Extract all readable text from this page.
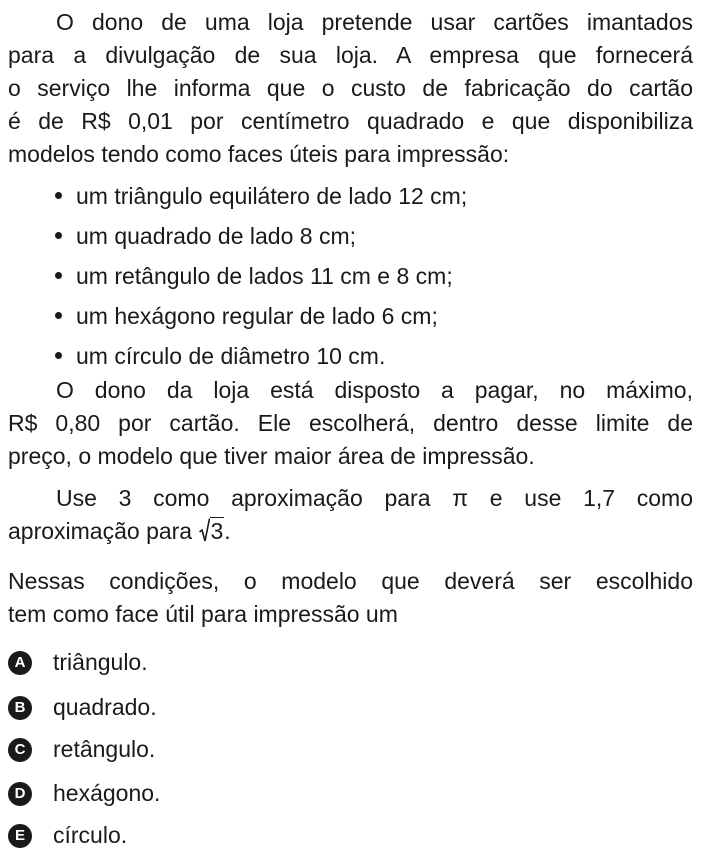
O dono de uma loja pretende usar cartões imantados
para a divulgação de sua loja. A empresa que fornecerá
o serviço lhe informa que o custo de fabricação do cartão
é de R$ 0,01 por centímetro quadrado e que disponibiliza
modelos tendo como faces úteis para impressão:

um triângulo equilátero de lado 12 cm;
um quadrado de lado 8 cm;
um retângulo de lados 11 cm e 8 cm;
um hexágono regular de lado 6 cm;
um círculo de diâmetro 10 cm.

O dono da loja está disposto a pagar, no máximo,
R$ 0,80 por cartão. Ele escolherá, dentro desse limite de
preço, o modelo que tiver maior área de impressão.

Use 3 como aproximação para π e use 1,7 como
aproximação para 3.

Nessas condições, o modelo que deverá ser escolhido
tem como face útil para impressão um

A triângulo.
B quadrado.
C retângulo.
D hexágono.
E	círculo.
